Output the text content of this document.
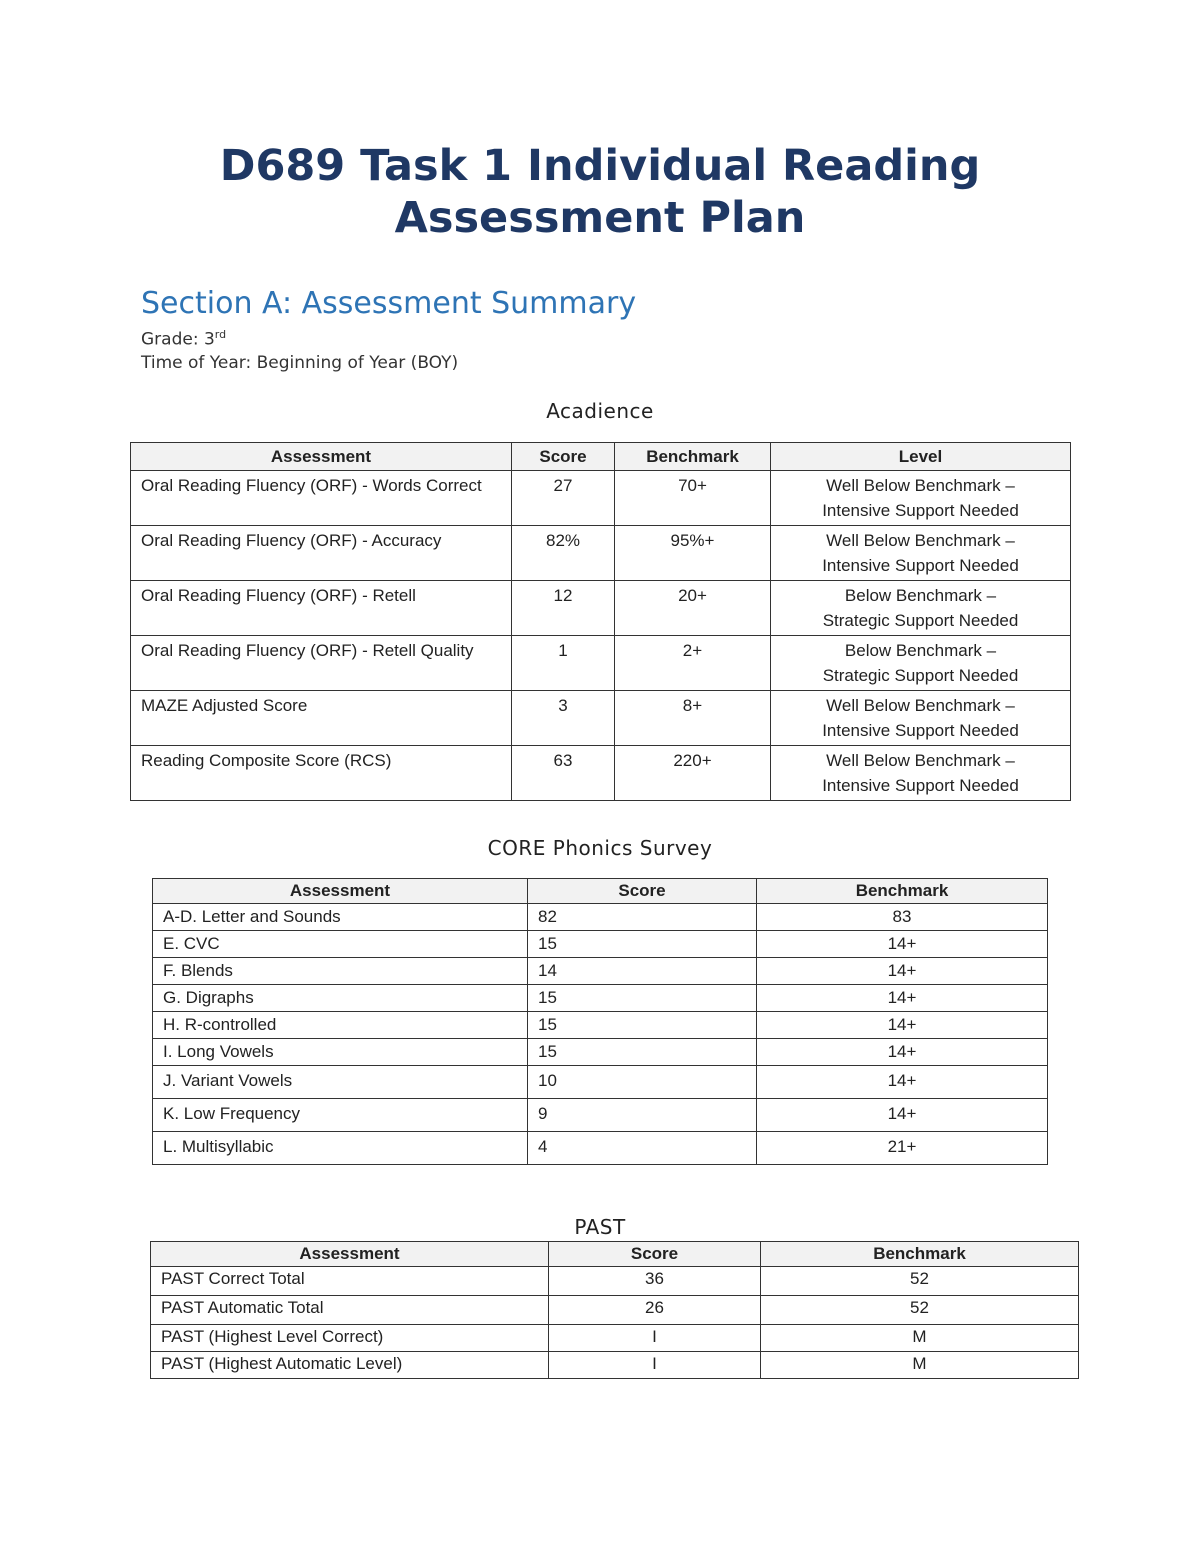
D689 Task 1 Individual Reading
Assessment Plan
Section A: Assessment Summary
Grade: 3rd
Time of Year: Beginning of Year (BOY)
Acadience
Assessment	Score	Benchmark	Level
Oral Reading Fluency (ORF) - Words Correct	27	70+	Well Below Benchmark –
Intensive Support Needed

Oral Reading Fluency (ORF) - Accuracy	82%	95%+	Well Below Benchmark –
Intensive Support Needed

Oral Reading Fluency (ORF) - Retell	12	20+	Below Benchmark –
Strategic Support Needed

Oral Reading Fluency (ORF) - Retell Quality	1	2+	Below Benchmark –
Strategic Support Needed

MAZE Adjusted Score	3	8+	Well Below Benchmark –
Intensive Support Needed

Reading Composite Score (RCS)	63	220+	Well Below Benchmark –
Intensive Support Needed
CORE Phonics Survey
Assessment	Score	Benchmark
A-D. Letter and Sounds	82	83
E. CVC	15	14+
F. Blends	14	14+
G. Digraphs	15	14+
H. R-controlled	15	14+
I. Long Vowels	15	14+
J. Variant Vowels	10	14+
K. Low Frequency	9	14+
L. Multisyllabic	4	21+
PAST
Assessment	Score	Benchmark
PAST Correct Total	36	52
PAST Automatic Total	26	52
PAST (Highest Level Correct)	I	M
PAST (Highest Automatic Level)	I	M
